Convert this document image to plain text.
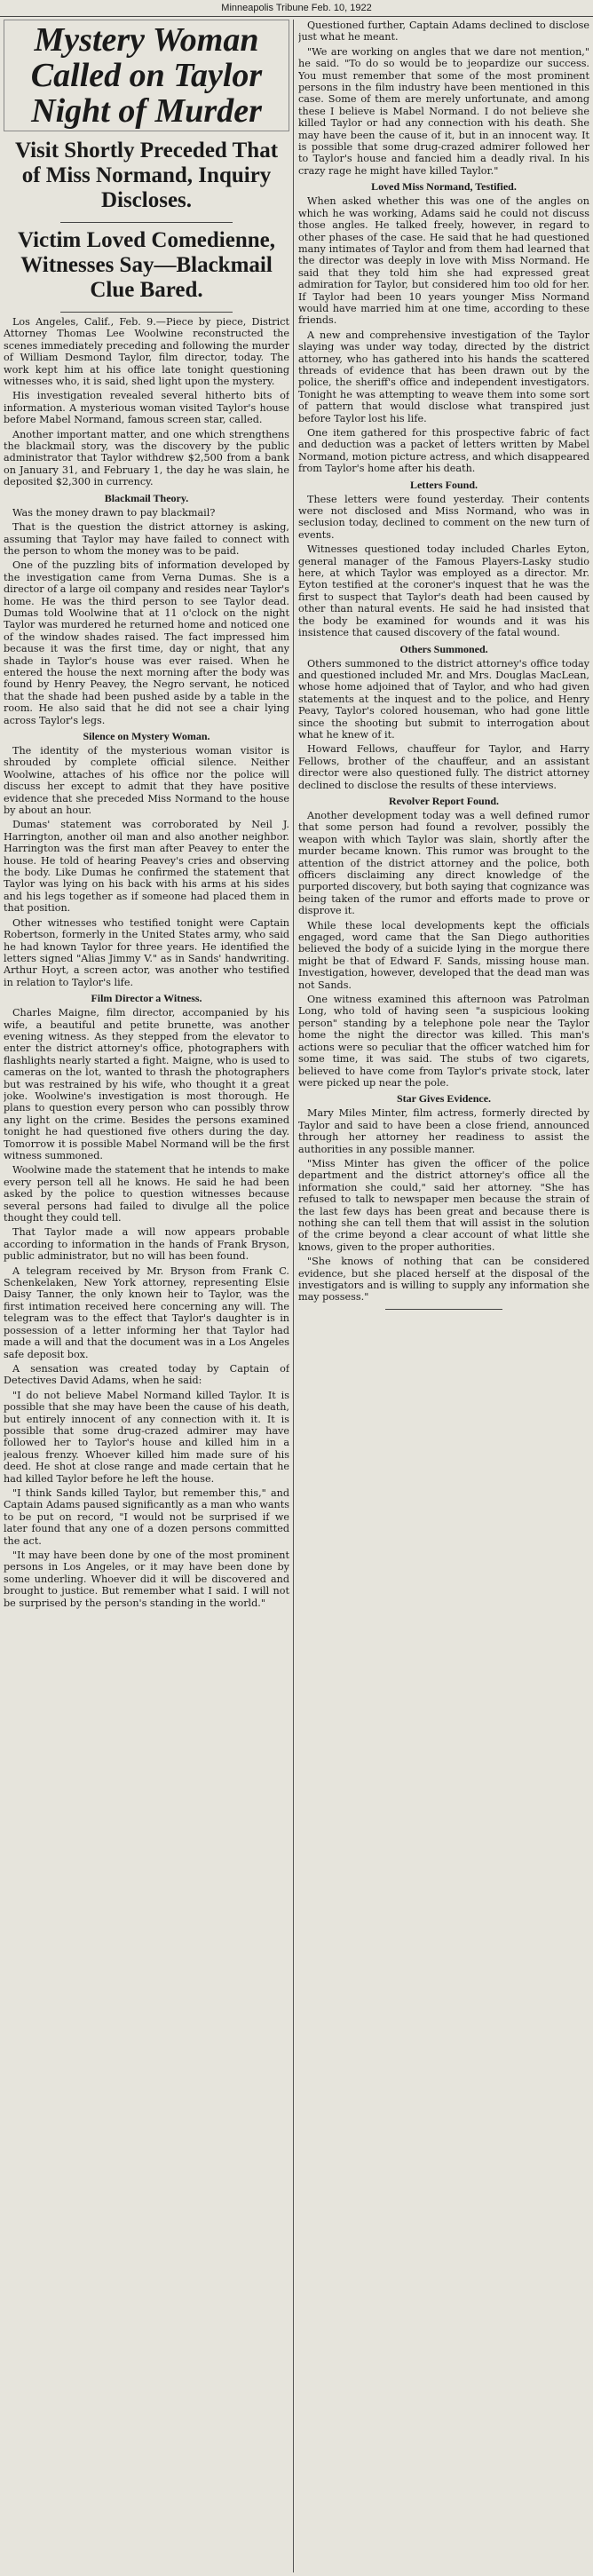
Minneapolis Tribune Feb. 10, 1922
Mystery Woman Called on Taylor Night of Murder
Visit Shortly Preceded That of Miss Normand, Inquiry Discloses.
Victim Loved Comedienne, Witnesses Say—Blackmail Clue Bared.

Los Angeles, Calif., Feb. 9.—Piece by piece, District Attorney Thomas Lee Woolwine reconstructed the scenes immediately preceding and following the murder of William Desmond Taylor, film director, today. The work kept him at his office late tonight questioning witnesses who, it is said, shed light upon the mystery.

His investigation revealed several hitherto bits of information. A mysterious woman visited Taylor's house before Mabel Normand, famous screen star, called.

Another important matter, and one which strengthens the blackmail story, was the discovery by the public administrator that Taylor withdrew $2,500 from a bank on January 31, and February 1, the day he was slain, he deposited $2,300 in currency.

Blackmail Theory.

Was the money drawn to pay blackmail?

That is the question the district attorney is asking, assuming that Taylor may have failed to connect with the person to whom the money was to be paid.

One of the puzzling bits of information developed by the investigation came from Verna Dumas. She is a director of a large oil company and resides near Taylor's home. He was the third person to see Taylor dead. Dumas told Woolwine that at 11 o'clock on the night Taylor was murdered he returned home and noticed one of the window shades raised. The fact impressed him because it was the first time, day or night, that any shade in Taylor's house was ever raised. When he entered the house the next morning after the body was found by Henry Peavey, the Negro servant, he noticed that the shade had been pushed aside by a table in the room. He also said that he did not see a chair lying across Taylor's legs.

Silence on Mystery Woman.

The identity of the mysterious woman visitor is shrouded by complete official silence. Neither Woolwine, attaches of his office nor the police will discuss her except to admit that they have positive evidence that she preceded Miss Normand to the house by about an hour.

Dumas' statement was corroborated by Neil J. Harrington, another oil man and also another neighbor. Harrington was the first man after Peavey to enter the house. He told of hearing Peavey's cries and observing the body. Like Dumas he confirmed the statement that Taylor was lying on his back with his arms at his sides and his legs together as if someone had placed them in that position.

Other witnesses who testified tonight were Captain Robertson, formerly in the United States army, who said he had known Taylor for three years. He identified the letters signed "Alias Jimmy V." as in Sands' handwriting. Arthur Hoyt, a screen actor, was another who testified in relation to Taylor's life.

Film Director a Witness.

Charles Maigne, film director, accompanied by his wife, a beautiful and petite brunette, was another evening witness. As they stepped from the elevator to enter the district attorney's office, photographers with flashlights nearly started a fight. Maigne, who is used to cameras on the lot, wanted to thrash the photographers but was restrained by his wife, who thought it a great joke. Woolwine's investigation is most thorough. He plans to question every person who can possibly throw any light on the crime. Besides the persons examined tonight he had questioned five others during the day. Tomorrow it is possible Mabel Normand will be the first witness summoned.

Woolwine made the statement that he intends to make every person tell all he knows. He said he had been asked by the police to question witnesses because several persons had failed to divulge all the police thought they could tell.

That Taylor made a will now appears probable according to information in the hands of Frank Bryson, public administrator, but no will has been found.

A telegram received by Mr. Bryson from Frank C. Schenkelaken, New York attorney, representing Elsie Daisy Tanner, the only known heir to Taylor, was the first intimation received here concerning any will. The telegram was to the effect that Taylor's daughter is in possession of a letter informing her that Taylor had made a will and that the document was in a Los Angeles safe deposit box.

A sensation was created today by Captain of Detectives David Adams, when he said:

"I do not believe Mabel Normand killed Taylor. It is possible that she may have been the cause of his death, but entirely innocent of any connection with it. It is possible that some drug-crazed admirer may have followed her to Taylor's house and killed him in a jealous frenzy. Whoever killed him made sure of his deed. He shot at close range and made certain that he had killed Taylor before he left the house.

"I think Sands killed Taylor, but remember this," and Captain Adams paused significantly as a man who wants to be put on record, "I would not be surprised if we later found that any one of a dozen persons committed the act.

"It may have been done by one of the most prominent persons in Los Angeles, or it may have been done by some underling. Whoever did it will be discovered and brought to justice. But remember what I said. I will not be surprised by the person's standing in the world."

Questioned further, Captain Adams declined to disclose just what he meant.

"We are working on angles that we dare not mention," he said. "To do so would be to jeopardize our success. You must remember that some of the most prominent persons in the film industry have been mentioned in this case. Some of them are merely unfortunate, and among these I believe is Mabel Normand. I do not believe she killed Taylor or had any connection with his death. She may have been the cause of it, but in an innocent way. It is possible that some drug-crazed admirer followed her to Taylor's house and fancied him a deadly rival. In his crazy rage he might have killed Taylor."

Loved Miss Normand, Testified.

When asked whether this was one of the angles on which he was working, Adams said he could not discuss those angles. He talked freely, however, in regard to other phases of the case. He said that he had questioned many intimates of Taylor and from them had learned that the director was deeply in love with Miss Normand. He said that they told him she had expressed great admiration for Taylor, but considered him too old for her. If Taylor had been 10 years younger Miss Normand would have married him at one time, according to these friends.

A new and comprehensive investigation of the Taylor slaying was under way today, directed by the district attorney, who has gathered into his hands the scattered threads of evidence that has been drawn out by the police, the sheriff's office and independent investigators. Tonight he was attempting to weave them into some sort of pattern that would disclose what transpired just before Taylor lost his life.

One item gathered for this prospective fabric of fact and deduction was a packet of letters written by Mabel Normand, motion picture actress, and which disappeared from Taylor's home after his death.

Letters Found.

These letters were found yesterday. Their contents were not disclosed and Miss Normand, who was in seclusion today, declined to comment on the new turn of events.

Witnesses questioned today included Charles Eyton, general manager of the Famous Players-Lasky studio here, at which Taylor was employed as a director. Mr. Eyton testified at the coroner's inquest that he was the first to suspect that Taylor's death had been caused by other than natural events. He said he had insisted that the body be examined for wounds and it was his insistence that caused discovery of the fatal wound.

Others Summoned.

Others summoned to the district attorney's office today and questioned included Mr. and Mrs. Douglas MacLean, whose home adjoined that of Taylor, and who had given statements at the inquest and to the police, and Henry Peavy, Taylor's colored houseman, who had gone little since the shooting but submit to interrogation about what he knew of it.

Howard Fellows, chauffeur for Taylor, and Harry Fellows, brother of the chauffeur, and an assistant director were also questioned fully. The district attorney declined to disclose the results of these interviews.

Revolver Report Found.

Another development today was a well defined rumor that some person had found a revolver, possibly the weapon with which Taylor was slain, shortly after the murder became known. This rumor was brought to the attention of the district attorney and the police, both officers disclaiming any direct knowledge of the purported discovery, but both saying that cognizance was being taken of the rumor and efforts made to prove or disprove it.

While these local developments kept the officials engaged, word came that the San Diego authorities believed the body of a suicide lying in the morgue there might be that of Edward F. Sands, missing house man. Investigation, however, developed that the dead man was not Sands.

One witness examined this afternoon was Patrolman Long, who told of having seen "a suspicious looking person" standing by a telephone pole near the Taylor home the night the director was killed. This man's actions were so peculiar that the officer watched him for some time, it was said. The stubs of two cigarets, believed to have come from Taylor's private stock, later were picked up near the pole.

Star Gives Evidence.

Mary Miles Minter, film actress, formerly directed by Taylor and said to have been a close friend, announced through her attorney her readiness to assist the authorities in any possible manner.

"Miss Minter has given the officer of the police department and the district attorney's office all the information she could," said her attorney. "She has refused to talk to newspaper men because the strain of the last few days has been great and because there is nothing she can tell them that will assist in the solution of the crime beyond a clear account of what little she knows, given to the proper authorities.

"She knows of nothing that can be considered evidence, but she placed herself at the disposal of the investigators and is willing to supply any information she may possess."
